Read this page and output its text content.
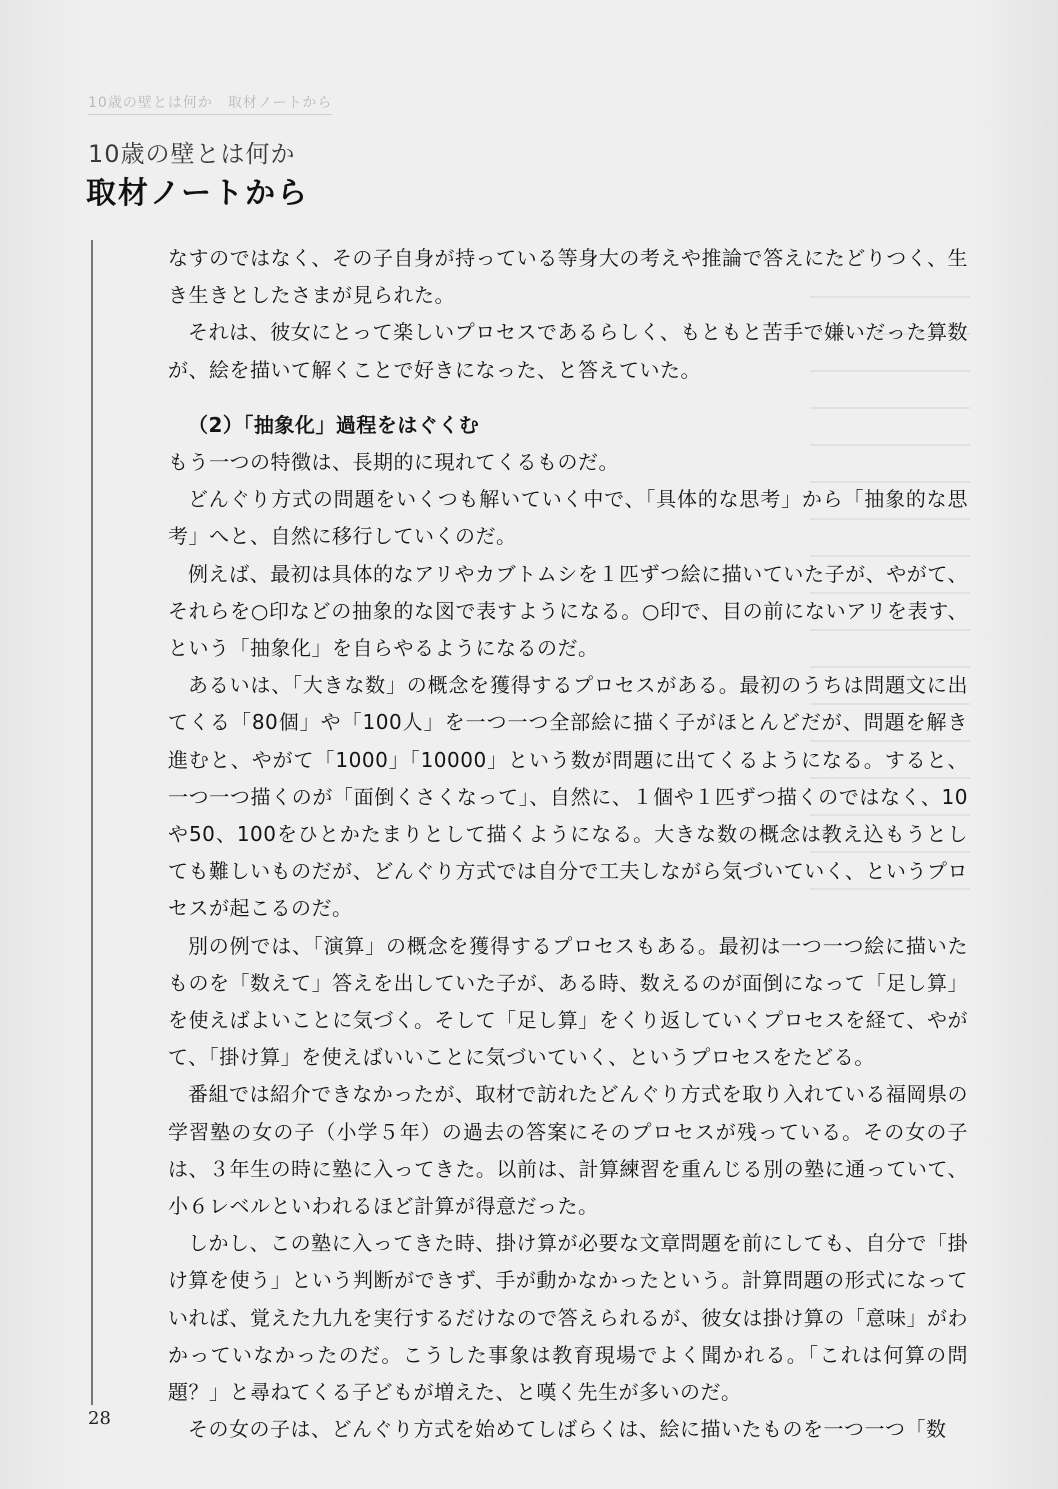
10歳の壁とは何か　取材ノートから
10歳の壁とは何か
取材ノートから

なすのではなく、その子自身が持っている等身大の考えや推論で答えにたどりつく、生き生きとしたさまが見られた。

それは、彼女にとって楽しいプロセスであるらしく、もともと苦手で嫌いだった算数が、絵を描いて解くことで好きになった、と答えていた。

（2）「抽象化」過程をはぐくむ

もう一つの特徴は、長期的に現れてくるものだ。

どんぐり方式の問題をいくつも解いていく中で、「具体的な思考」から「抽象的な思考」へと、自然に移行していくのだ。

例えば、最初は具体的なアリやカブトムシを１匹ずつ絵に描いていた子が、やがて、それらを○印などの抽象的な図で表すようになる。○印で、目の前にないアリを表す、という「抽象化」を自らやるようになるのだ。

あるいは、「大きな数」の概念を獲得するプロセスがある。最初のうちは問題文に出てくる「80個」や「100人」を一つ一つ全部絵に描く子がほとんどだが、問題を解き進むと、やがて「1000」「10000」という数が問題に出てくるようになる。すると、一つ一つ描くのが「面倒くさくなって」、自然に、１個や１匹ずつ描くのではなく、10や50、100をひとかたまりとして描くようになる。大きな数の概念は教え込もうとしても難しいものだが、どんぐり方式では自分で工夫しながら気づいていく、というプロセスが起こるのだ。

別の例では、「演算」の概念を獲得するプロセスもある。最初は一つ一つ絵に描いたものを「数えて」答えを出していた子が、ある時、数えるのが面倒になって「足し算」を使えばよいことに気づく。そして「足し算」をくり返していくプロセスを経て、やがて、「掛け算」を使えばいいことに気づいていく、というプロセスをたどる。

番組では紹介できなかったが、取材で訪れたどんぐり方式を取り入れている福岡県の学習塾の女の子（小学５年）の過去の答案にそのプロセスが残っている。その女の子は、３年生の時に塾に入ってきた。以前は、計算練習を重んじる別の塾に通っていて、小６レベルといわれるほど計算が得意だった。

しかし、この塾に入ってきた時、掛け算が必要な文章問題を前にしても、自分で「掛け算を使う」という判断ができず、手が動かなかったという。計算問題の形式になっていれば、覚えた九九を実行するだけなので答えられるが、彼女は掛け算の「意味」がわかっていなかったのだ。こうした事象は教育現場でよく聞かれる。「これは何算の問題？」と尋ねてくる子どもが増えた、と嘆く先生が多いのだ。

その女の子は、どんぐり方式を始めてしばらくは、絵に描いたものを一つ一つ「数

28
